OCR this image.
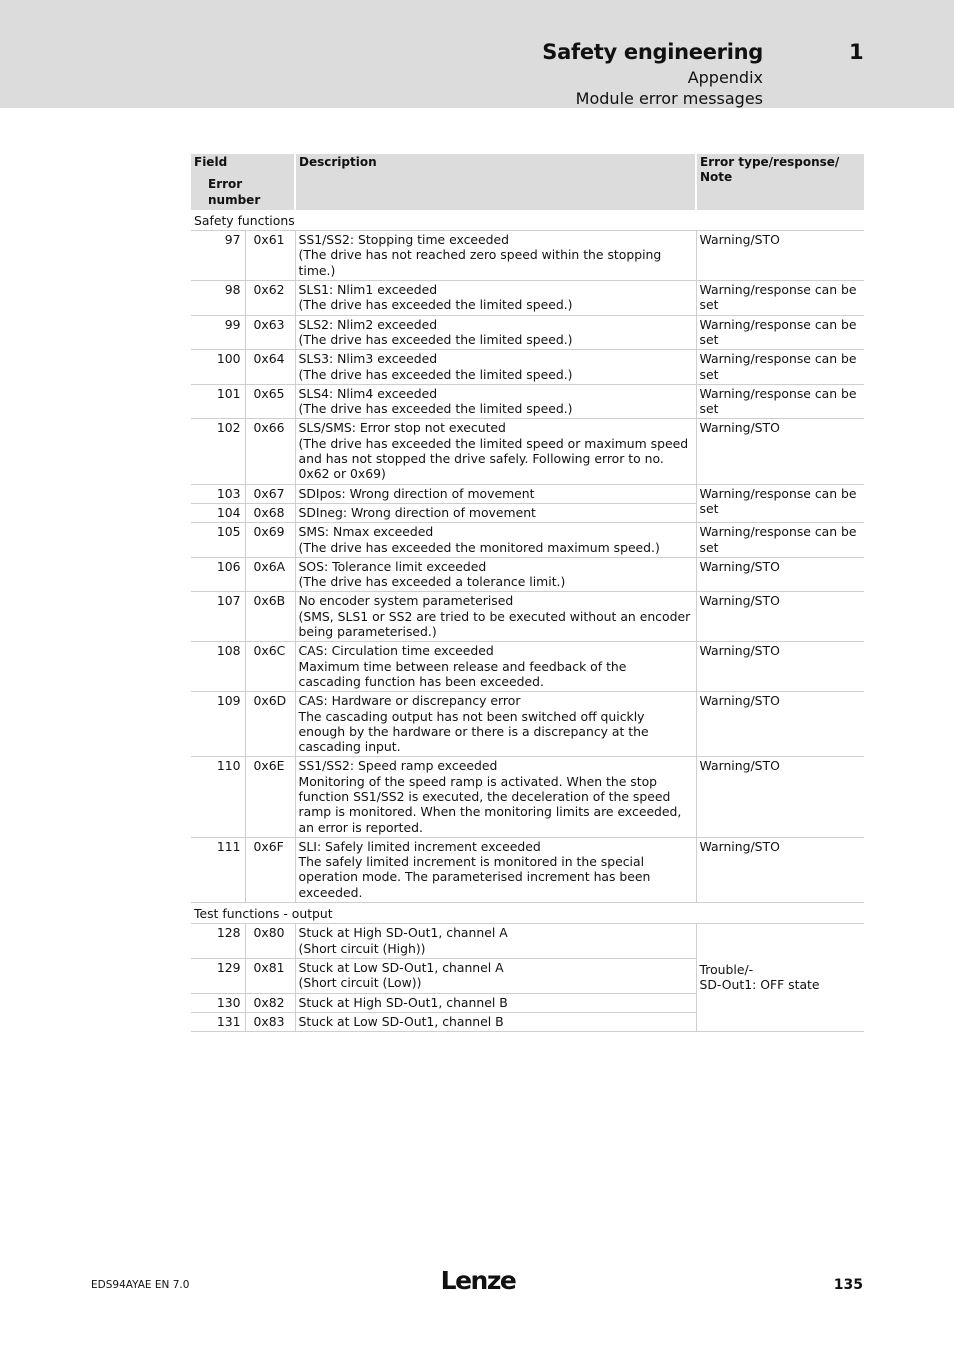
Safety engineering	1
Appendix
Module error messages
Field
Error number		Description	Error type/response/ Note
Safety functions			
97	0x61	SS1/SS2: Stopping time exceeded
(The drive has not reached zero speed within the stopping time.)	Warning/STO
98	0x62	SLS1: Nlim1 exceeded
(The drive has exceeded the limited speed.)	Warning/response can be set
99	0x63	SLS2: Nlim2 exceeded
(The drive has exceeded the limited speed.)	Warning/response can be set
100	0x64	SLS3: Nlim3 exceeded
(The drive has exceeded the limited speed.)	Warning/response can be set
101	0x65	SLS4: Nlim4 exceeded
(The drive has exceeded the limited speed.)	Warning/response can be set
102	0x66	SLS/SMS: Error stop not executed
(The drive has exceeded the limited speed or maximum speed and has not stopped the drive safely. Following error to no. 0x62 or 0x69)	Warning/STO
103	0x67	SDIpos: Wrong direction of movement	Warning/response can be set
104	0x68	SDIneg: Wrong direction of movement	

105	0x69	SMS: Nmax exceeded
(The drive has exceeded the monitored maximum speed.)	Warning/response can be set
106	0x6A	SOS: Tolerance limit exceeded
(The drive has exceeded a tolerance limit.)	Warning/STO
107	0x6B	No encoder system parameterised
(SMS, SLS1 or SS2 are tried to be executed without an encoder being parameterised.)	Warning/STO
108	0x6C	CAS: Circulation time exceeded
Maximum time between release and feedback of the cascading function has been exceeded.	Warning/STO
109	0x6D	CAS: Hardware or discrepancy error
The cascading output has not been switched off quickly enough by the hardware or there is a discrepancy at the cascading input.	Warning/STO
110	0x6E	SS1/SS2: Speed ramp exceeded
Monitoring of the speed ramp is activated. When the stop function SS1/SS2 is executed, the deceleration of the speed ramp is monitored. When the monitoring limits are exceeded, an error is reported.	Warning/STO
111	0x6F	SLI: Safely limited increment exceeded
The safely limited increment is monitored in the special operation mode. The parameterised increment has been exceeded.	Warning/STO
Test functions - output			
128	0x80	Stuck at High SD-Out1, channel A
(Short circuit (High))	Trouble/-
SD-Out1: OFF state

129	0x81	Stuck at Low SD-Out1, channel A
(Short circuit (Low))	

130	0x82	Stuck at High SD-Out1, channel B	

131	0x83	Stuck at Low SD-Out1, channel B	
EDS94AYAE EN 7.0	Lenze	135
